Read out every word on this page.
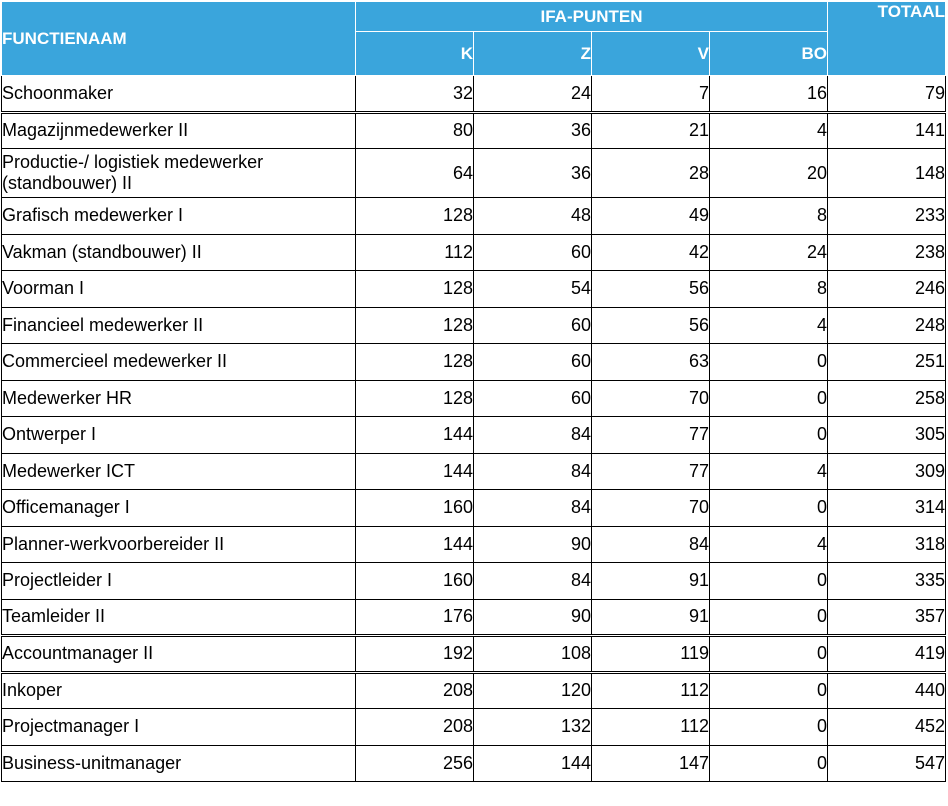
FUNCTIENAAM	IFA-PUNTEN				TOTAAL
	K	Z	V	BO	
Schoonmaker	32	24	7	16	79
Magazijnmedewerker II	80	36	21	4	141
Productie-/ logistiek medewerker (standbouwer) II	64	36	28	20	148
Grafisch medewerker I	128	48	49	8	233
Vakman (standbouwer) II	112	60	42	24	238
Voorman I	128	54	56	8	246
Financieel medewerker II	128	60	56	4	248
Commercieel medewerker II	128	60	63	0	251
Medewerker HR	128	60	70	0	258
Ontwerper I	144	84	77	0	305
Medewerker ICT	144	84	77	4	309
Officemanager I	160	84	70	0	314
Planner-werkvoorbereider II	144	90	84	4	318
Projectleider I	160	84	91	0	335
Teamleider II	176	90	91	0	357
Accountmanager II	192	108	119	0	419
Inkoper	208	120	112	0	440
Projectmanager I	208	132	112	0	452
Business-unitmanager	256	144	147	0	547
